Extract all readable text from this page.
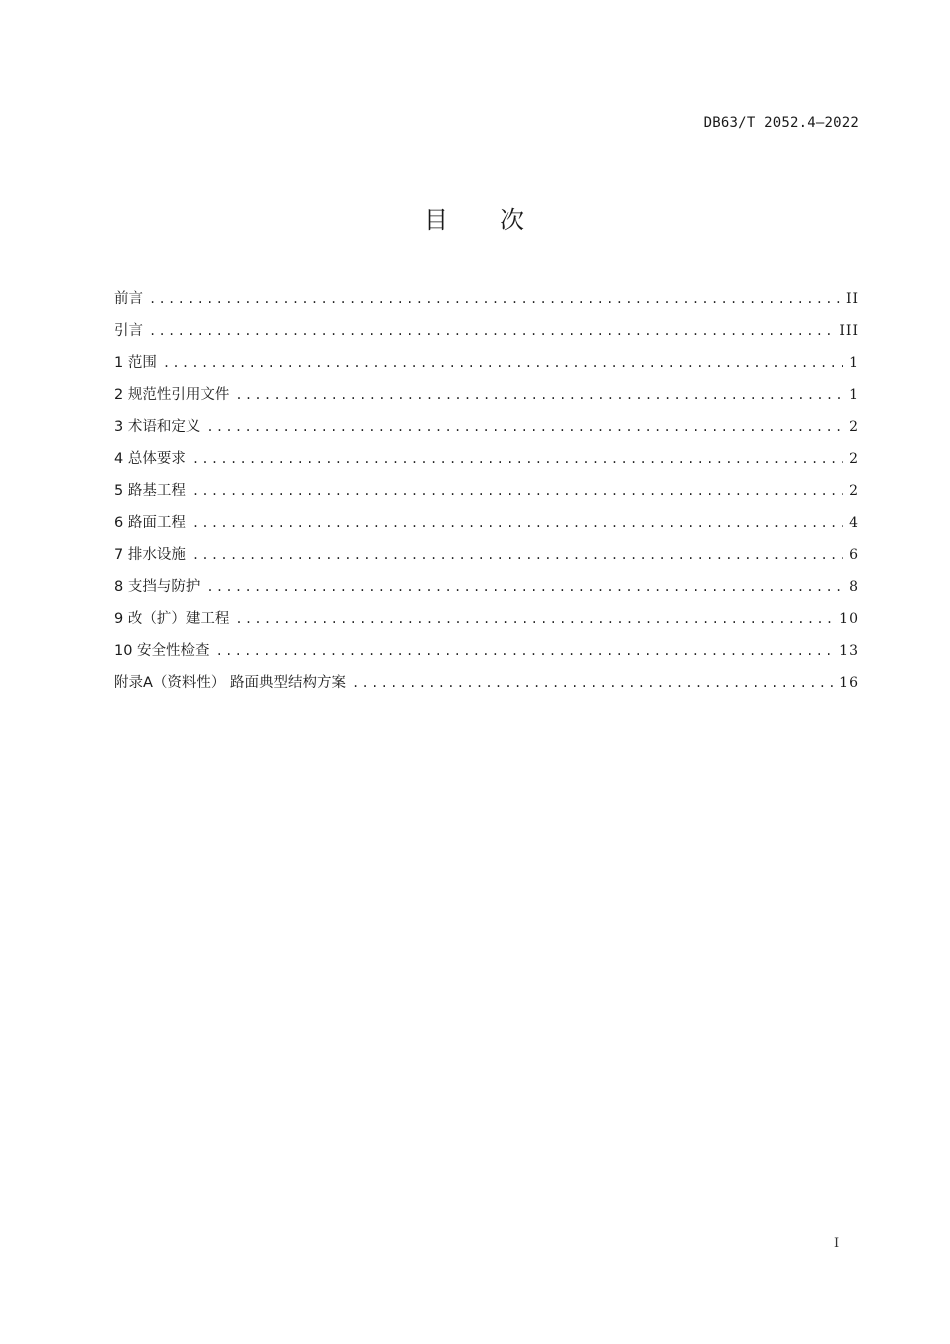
DB63/T 2052.4—2022
目 次
前言 .....	II
引言 .....	III
1 范围 .....	1
2 规范性引用文件 .....	1
3 术语和定义 .....	2
4 总体要求 .....	2
5 路基工程 .....	2
6 路面工程 .....	4
7 排水设施 .....	6
8 支挡与防护 .....	8
9 改（扩）建工程 .....	10
10 安全性检查 .....	13
附录A（资料性） 路面典型结构方案 .....	16
I
